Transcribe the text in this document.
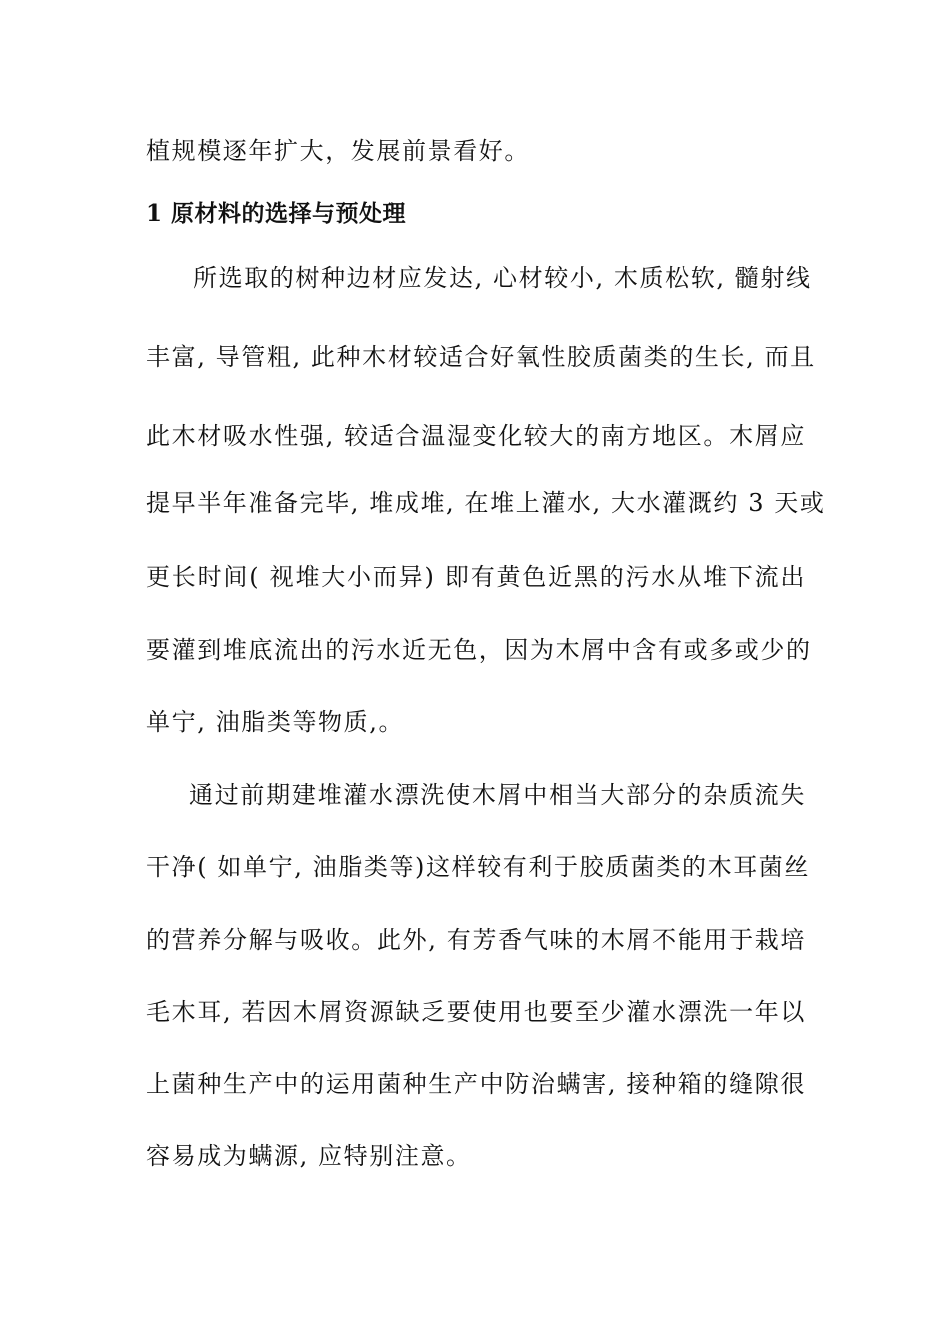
植规模逐年扩大，发展前景看好。
1 原材料的选择与预处理
所选取的树种边材应发达, 心材较小, 木质松软, 髓射线
丰富, 导管粗, 此种木材较适合好氧性胶质菌类的生长, 而且
此木材吸水性强, 较适合温湿变化较大的南方地区。木屑应
提早半年准备完毕, 堆成堆, 在堆上灌水, 大水灌溉约 3 天或
更长时间( 视堆大小而异) 即有黄色近黑的污水从堆下流出
要灌到堆底流出的污水近无色，因为木屑中含有或多或少的
单宁, 油脂类等物质,。
通过前期建堆灌水漂洗使木屑中相当大部分的杂质流失
干净( 如单宁, 油脂类等)这样较有利于胶质菌类的木耳菌丝
的营养分解与吸收。此外, 有芳香气味的木屑不能用于栽培
毛木耳, 若因木屑资源缺乏要使用也要至少灌水漂洗一年以
上菌种生产中的运用菌种生产中防治螨害, 接种箱的缝隙很
容易成为螨源, 应特别注意。
